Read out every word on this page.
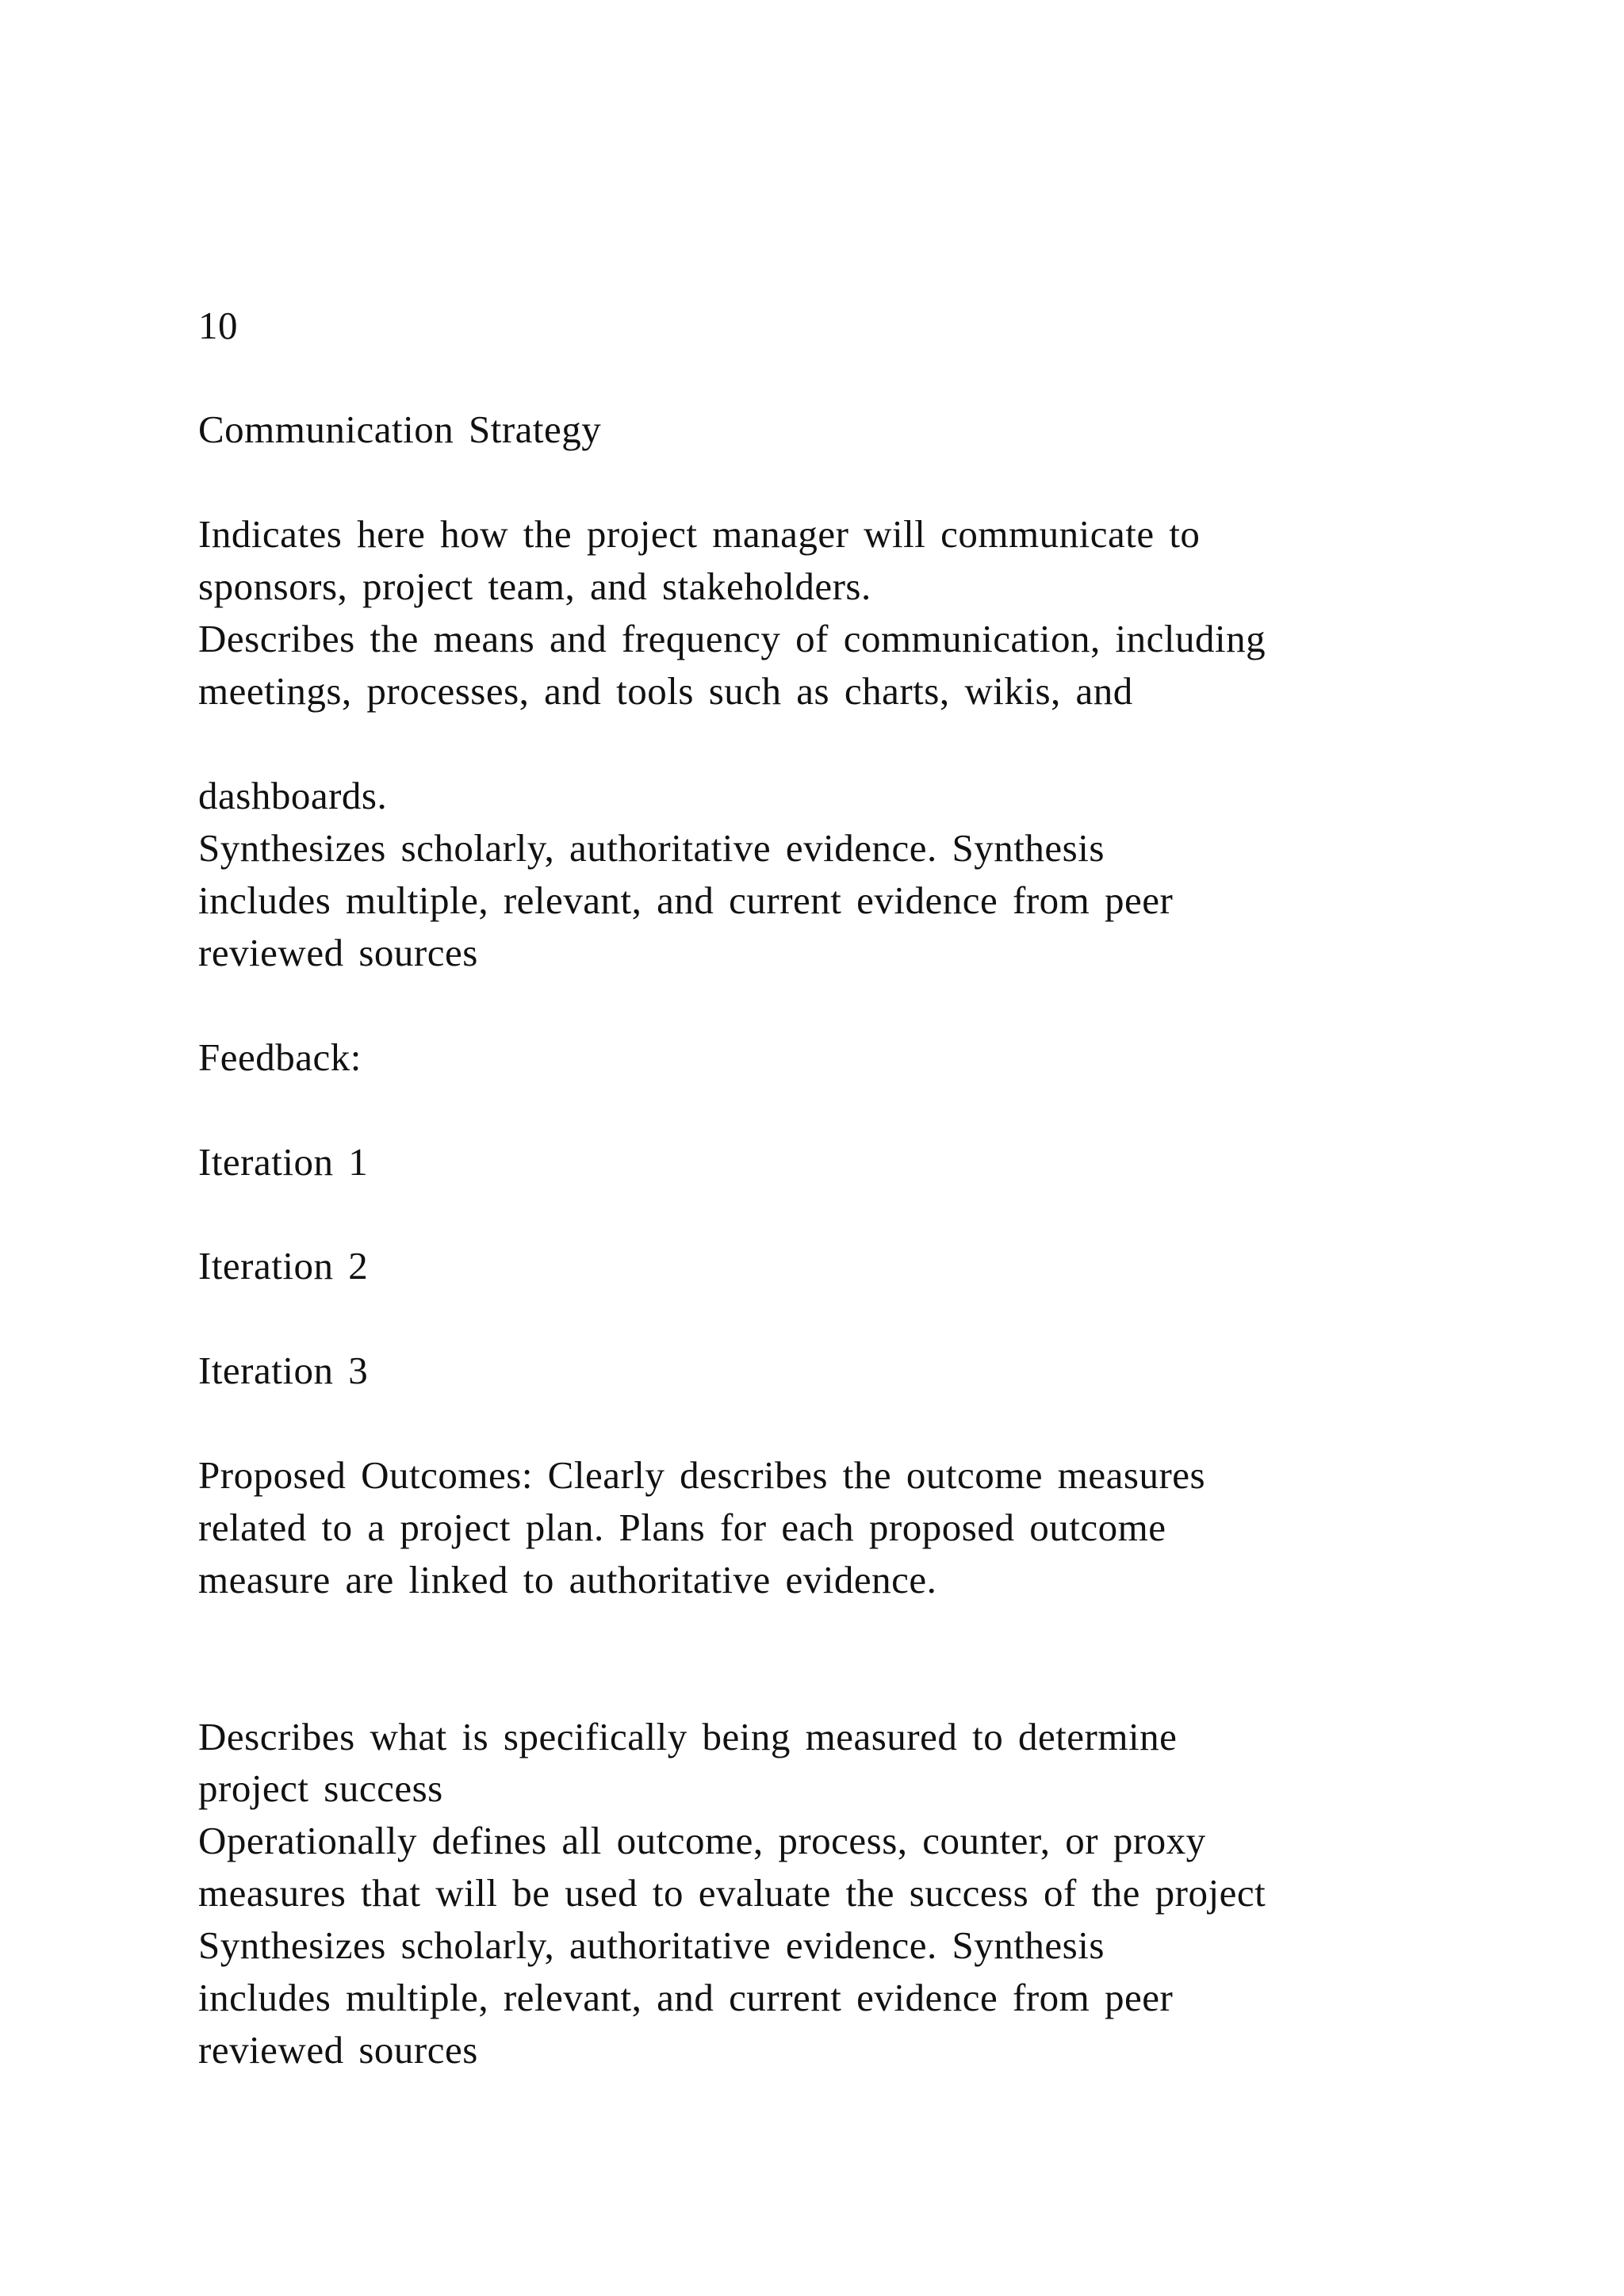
10

Communication Strategy

Indicates here how the project manager will communicate to

sponsors, project team, and stakeholders.

Describes the means and frequency of communication, including

meetings, processes, and tools such as charts, wikis, and

dashboards.

Synthesizes scholarly, authoritative evidence. Synthesis

includes multiple, relevant, and current evidence from peer

reviewed sources

Feedback:

Iteration 1

Iteration 2

Iteration 3

Proposed Outcomes: Clearly describes the outcome measures

related to a project plan. Plans for each proposed outcome

measure are linked to authoritative evidence.

Describes what is specifically being measured to determine

project success

Operationally defines all outcome, process, counter, or proxy

measures that will be used to evaluate the success of the project

Synthesizes scholarly, authoritative evidence. Synthesis

includes multiple, relevant, and current evidence from peer

reviewed sources
